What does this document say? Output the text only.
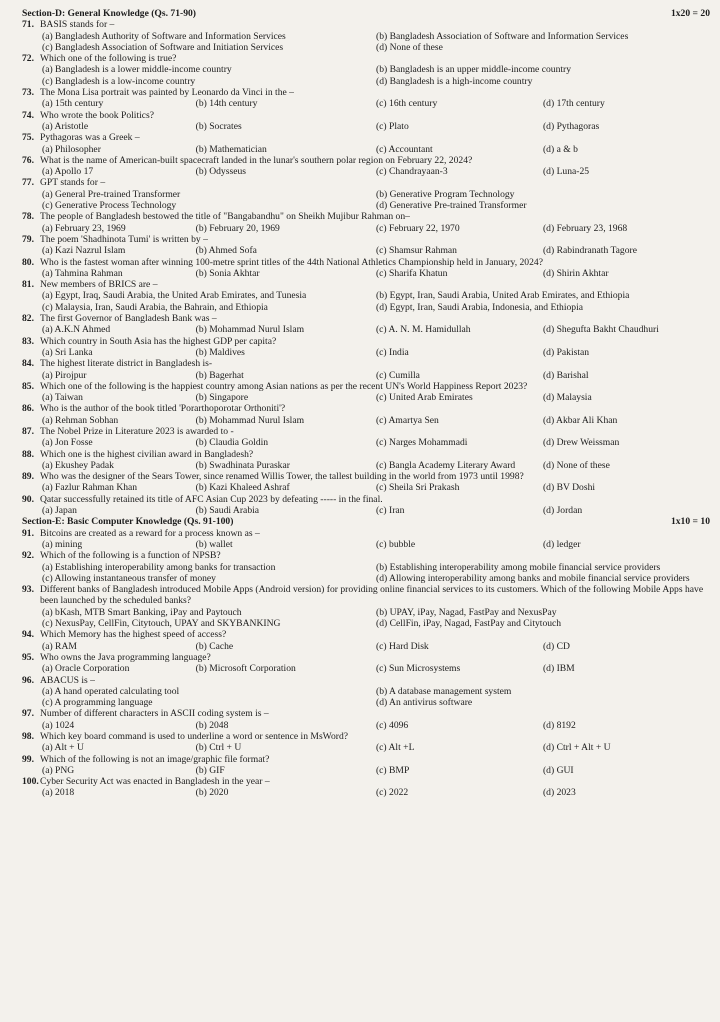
Section-D: General Knowledge (Qs. 71-90)	1x20 = 20
71. BASIS stands for –
(a) Bangladesh Authority of Software and Information Services	(b) Bangladesh Association of Software and Information Services
(c) Bangladesh Association of Software and Initiation Services	(d) None of these
72. Which one of the following is true?
(a) Bangladesh is a lower middle-income country	(b) Bangladesh is an upper middle-income country
(c) Bangladesh is a low-income country	(d) Bangladesh is a high-income country
73. The Mona Lisa portrait was painted by Leonardo da Vinci in the –
(a) 15th century	(b) 14th century	(c) 16th century	(d) 17th century
74. Who wrote the book Politics?
(a) Aristotle	(b) Socrates	(c) Plato	(d) Pythagoras
75. Pythagoras was a Greek –
(a) Philosopher	(b) Mathematician	(c) Accountant	(d) a & b
76. What is the name of American-built spacecraft landed in the lunar's southern polar region on February 22, 2024?
(a) Apollo 17	(b) Odysseus	(c) Chandrayaan-3	(d) Luna-25
77. GPT stands for –
(a) General Pre-trained Transformer	(b) Generative Program Technology
(c) Generative Process Technology	(d) Generative Pre-trained Transformer
78. The people of Bangladesh bestowed the title of "Bangabandhu" on Sheikh Mujibur Rahman on–
(a) February 23, 1969	(b) February 20, 1969	(c) February 22, 1970	(d) February 23, 1968
79. The poem 'Shadhinota Tumi' is written by –
(a) Kazi Nazrul Islam	(b) Ahmed Sofa	(c) Shamsur Rahman	(d) Rabindranath Tagore
80. Who is the fastest woman after winning 100-metre sprint titles of the 44th National Athletics Championship held in January, 2024?
(a) Tahmina Rahman	(b) Sonia Akhtar	(c) Sharifa Khatun	(d) Shirin Akhtar
81. New members of BRICS are –
(a) Egypt, Iraq, Saudi Arabia, the United Arab Emirates, and Tunesia	(b) Egypt, Iran, Saudi Arabia, United Arab Emirates, and Ethiopia
(c) Malaysia, Iran, Saudi Arabia, the Bahrain, and Ethiopia	(d) Egypt, Iran, Saudi Arabia, Indonesia, and Ethiopia
82. The first Governor of Bangladesh Bank was –
(a) A.K.N Ahmed	(b) Mohammad Nurul Islam	(c) A. N. M. Hamidullah	(d) Shegufta Bakht Chaudhuri
83. Which country in South Asia has the highest GDP per capita?
(a) Sri Lanka	(b) Maldives	(c) India	(d) Pakistan
84. The highest literate district in Bangladesh is-
(a) Pirojpur	(b) Bagerhat	(c) Cumilla	(d) Barishal
85. Which one of the following is the happiest country among Asian nations as per the recent UN's World Happiness Report 2023?
(a) Taiwan	(b) Singapore	(c) United Arab Emirates	(d) Malaysia
86. Who is the author of the book titled 'Porarthoporotar Orthoniti'?
(a) Rehman Sobhan	(b) Mohammad Nurul Islam	(c) Amartya Sen	(d) Akbar Ali Khan
87. The Nobel Prize in Literature 2023 is awarded to -
(a) Jon Fosse	(b) Claudia Goldin	(c) Narges Mohammadi	(d) Drew Weissman
88. Which one is the highest civilian award in Bangladesh?
(a) Ekushey Padak	(b) Swadhinata Puraskar	(c) Bangla Academy Literary Award	(d) None of these
89. Who was the designer of the Sears Tower, since renamed Willis Tower, the tallest building in the world from 1973 until 1998?
(a) Fazlur Rahman Khan	(b) Kazi Khaleed Ashraf	(c) Sheila Sri Prakash	(d) BV Doshi
90. Qatar successfully retained its title of AFC Asian Cup 2023 by defeating ----- in the final.
(a) Japan	(b) Saudi Arabia	(c) Iran	(d) Jordan
Section-E: Basic Computer Knowledge (Qs. 91-100)	1x10 = 10
91. Bitcoins are created as a reward for a process known as –
(a) mining	(b) wallet	(c) bubble	(d) ledger
92. Which of the following is a function of NPSB?
(a) Establishing interoperability among banks for transaction	(b) Establishing interoperability among mobile financial service providers
(c) Allowing instantaneous transfer of money	(d) Allowing interoperability among banks and mobile financial service providers
93. Different banks of Bangladesh introduced Mobile Apps (Android version) for providing online financial services to its customers. Which of the following Mobile Apps have been launched by the scheduled banks?
(a) bKash, MTB Smart Banking, iPay and Paytouch	(b) UPAY, iPay, Nagad, FastPay and NexusPay
(c) NexusPay, CellFin, Citytouch, UPAY and SKYBANKING	(d) CellFin, iPay, Nagad, FastPay and Citytouch
94. Which Memory has the highest speed of access?
(a) RAM	(b) Cache	(c) Hard Disk	(d) CD
95. Who owns the Java programming language?
(a) Oracle Corporation	(b) Microsoft Corporation	(c) Sun Microsystems	(d) IBM
96. ABACUS is –
(a) A hand operated calculating tool	(b) A database management system
(c) A programming language	(d) An antivirus software
97. Number of different characters in ASCII coding system is –
(a) 1024	(b) 2048	(c) 4096	(d) 8192
98. Which key board command is used to underline a word or sentence in MsWord?
(a) Alt + U	(b) Ctrl + U	(c) Alt +L	(d) Ctrl + Alt + U
99. Which of the following is not an image/graphic file format?
(a) PNG	(b) GIF	(c) BMP	(d) GUI
100. Cyber Security Act was enacted in Bangladesh in the year –
(a) 2018	(b) 2020	(c) 2022	(d) 2023
